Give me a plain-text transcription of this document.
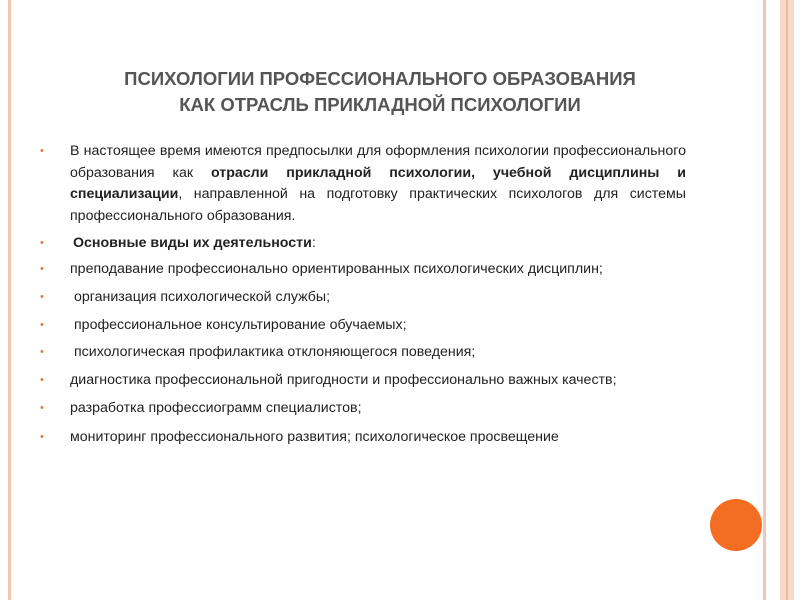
ПСИХОЛОГИИ ПРОФЕССИОНАЛЬНОГО ОБРАЗОВАНИЯ
КАК ОТРАСЛЬ ПРИКЛАДНОЙ ПСИХОЛОГИИ
• В настоящее время имеются предпосылки для оформления психологии профессионального образования как отрасли прикладной психологии, учебной дисциплины и специализации, направленной на подготовку практических психологов для системы профессионального образования.
• Основные виды их деятельности:
• преподавание профессионально ориентированных психологических дисциплин;
• организация психологической службы;
• профессиональное консультирование обучаемых;
• психологическая профилактика отклоняющегося поведения;
• диагностика профессиональной пригодности и профессионально важных качеств;
• разработка профессиограмм специалистов;
• мониторинг профессионального развития; психологическое просвещение
